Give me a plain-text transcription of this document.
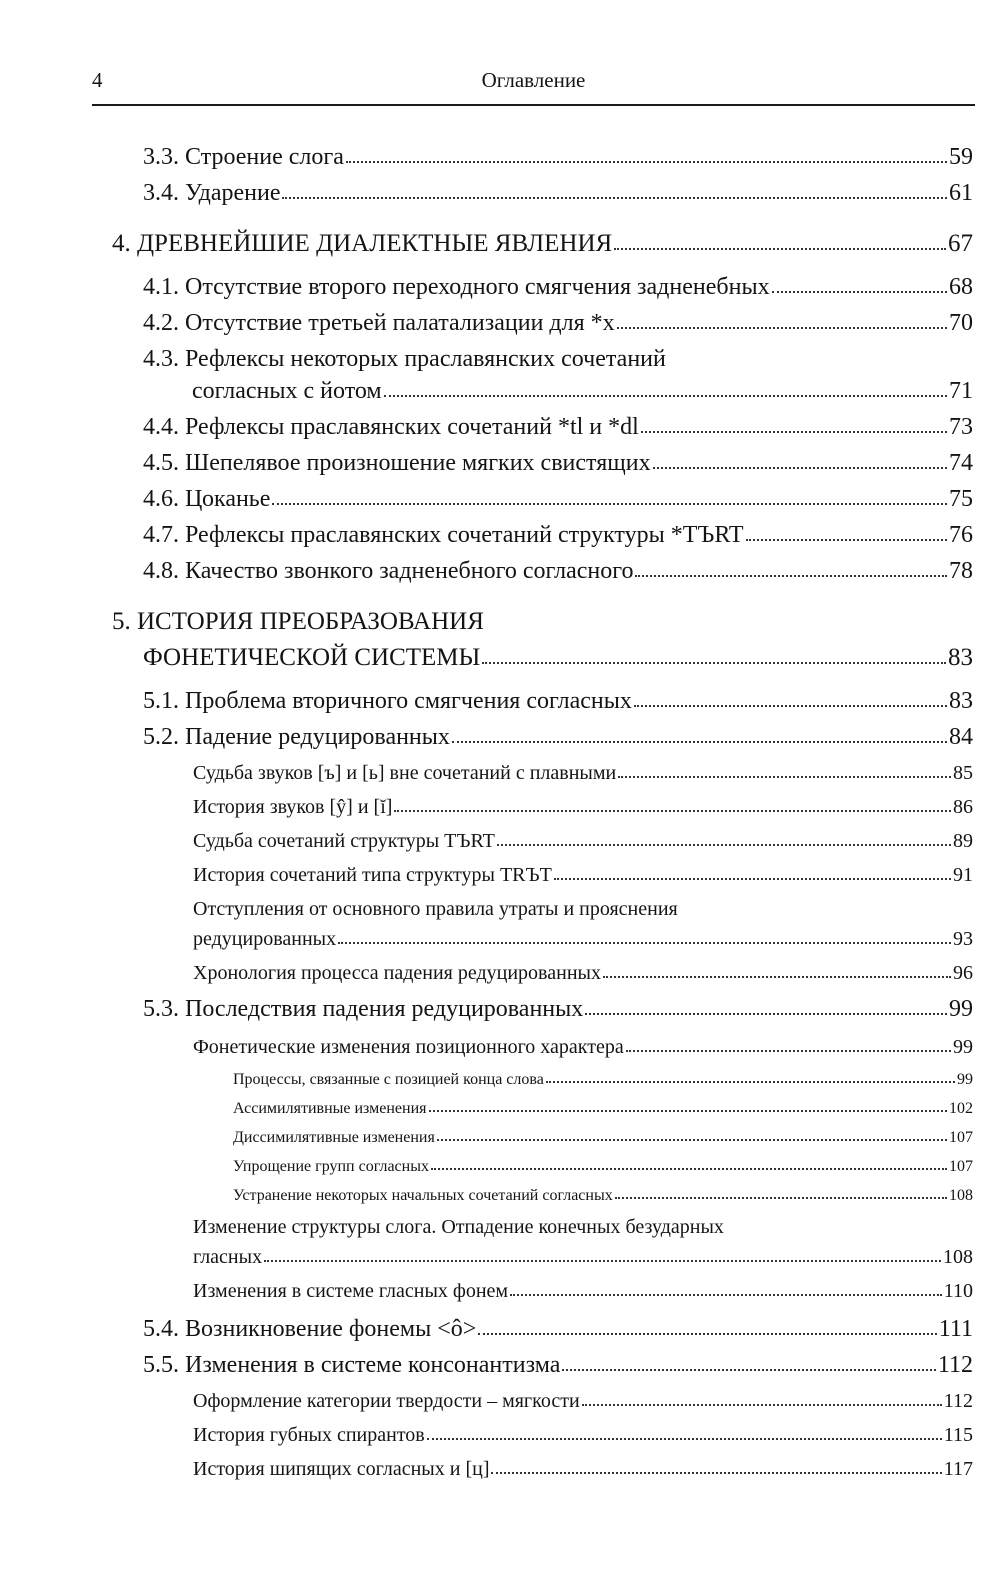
4	Оглавление
3.3. Строение слога	59
3.4. Ударение	61
4. ДРЕВНЕЙШИЕ ДИАЛЕКТНЫЕ ЯВЛЕНИЯ	67
4.1. Отсутствие второго переходного смягчения задненебных	68
4.2. Отсутствие третьей палатализации для *х	70
4.3. Рефлексы некоторых праславянских сочетаний
согласных с йотом	71
4.4. Рефлексы праславянских сочетаний *tl и *dl	73
4.5. Шепелявое произношение мягких свистящих	74
4.6. Цоканье	75
4.7. Рефлексы праславянских сочетаний структуры *TЪRT	76
4.8. Качество звонкого задненебного согласного	78
5. ИСТОРИЯ ПРЕОБРАЗОВАНИЯ
ФОНЕТИЧЕСКОЙ СИСТЕМЫ	83
5.1. Проблема вторичного смягчения согласных	83
5.2. Падение редуцированных	84
Судьба звуков [ъ] и [ь] вне сочетаний с плавными	85
История звуков [ŷ] и [ĭ]	86
Судьба сочетаний структуры TЪRT	89
История сочетаний типа структуры TRЪT	91
Отступления от основного правила утраты и прояснения
редуцированных	93
Хронология процесса падения редуцированных	96
5.3. Последствия падения редуцированных	99
Фонетические изменения позиционного характера	99
Процессы, связанные с позицией конца слова	99
Ассимилятивные изменения	102
Диссимилятивные изменения	107
Упрощение групп согласных	107
Устранение некоторых начальных сочетаний согласных	108
Изменение структуры слога. Отпадение конечных безударных
гласных	108
Изменения в системе гласных фонем	110
5.4. Возникновение фонемы <ô>	111
5.5. Изменения в системе консонантизма	112
Оформление категории твердости – мягкости	112
История губных спирантов	115
История шипящих согласных и [ц]	117
